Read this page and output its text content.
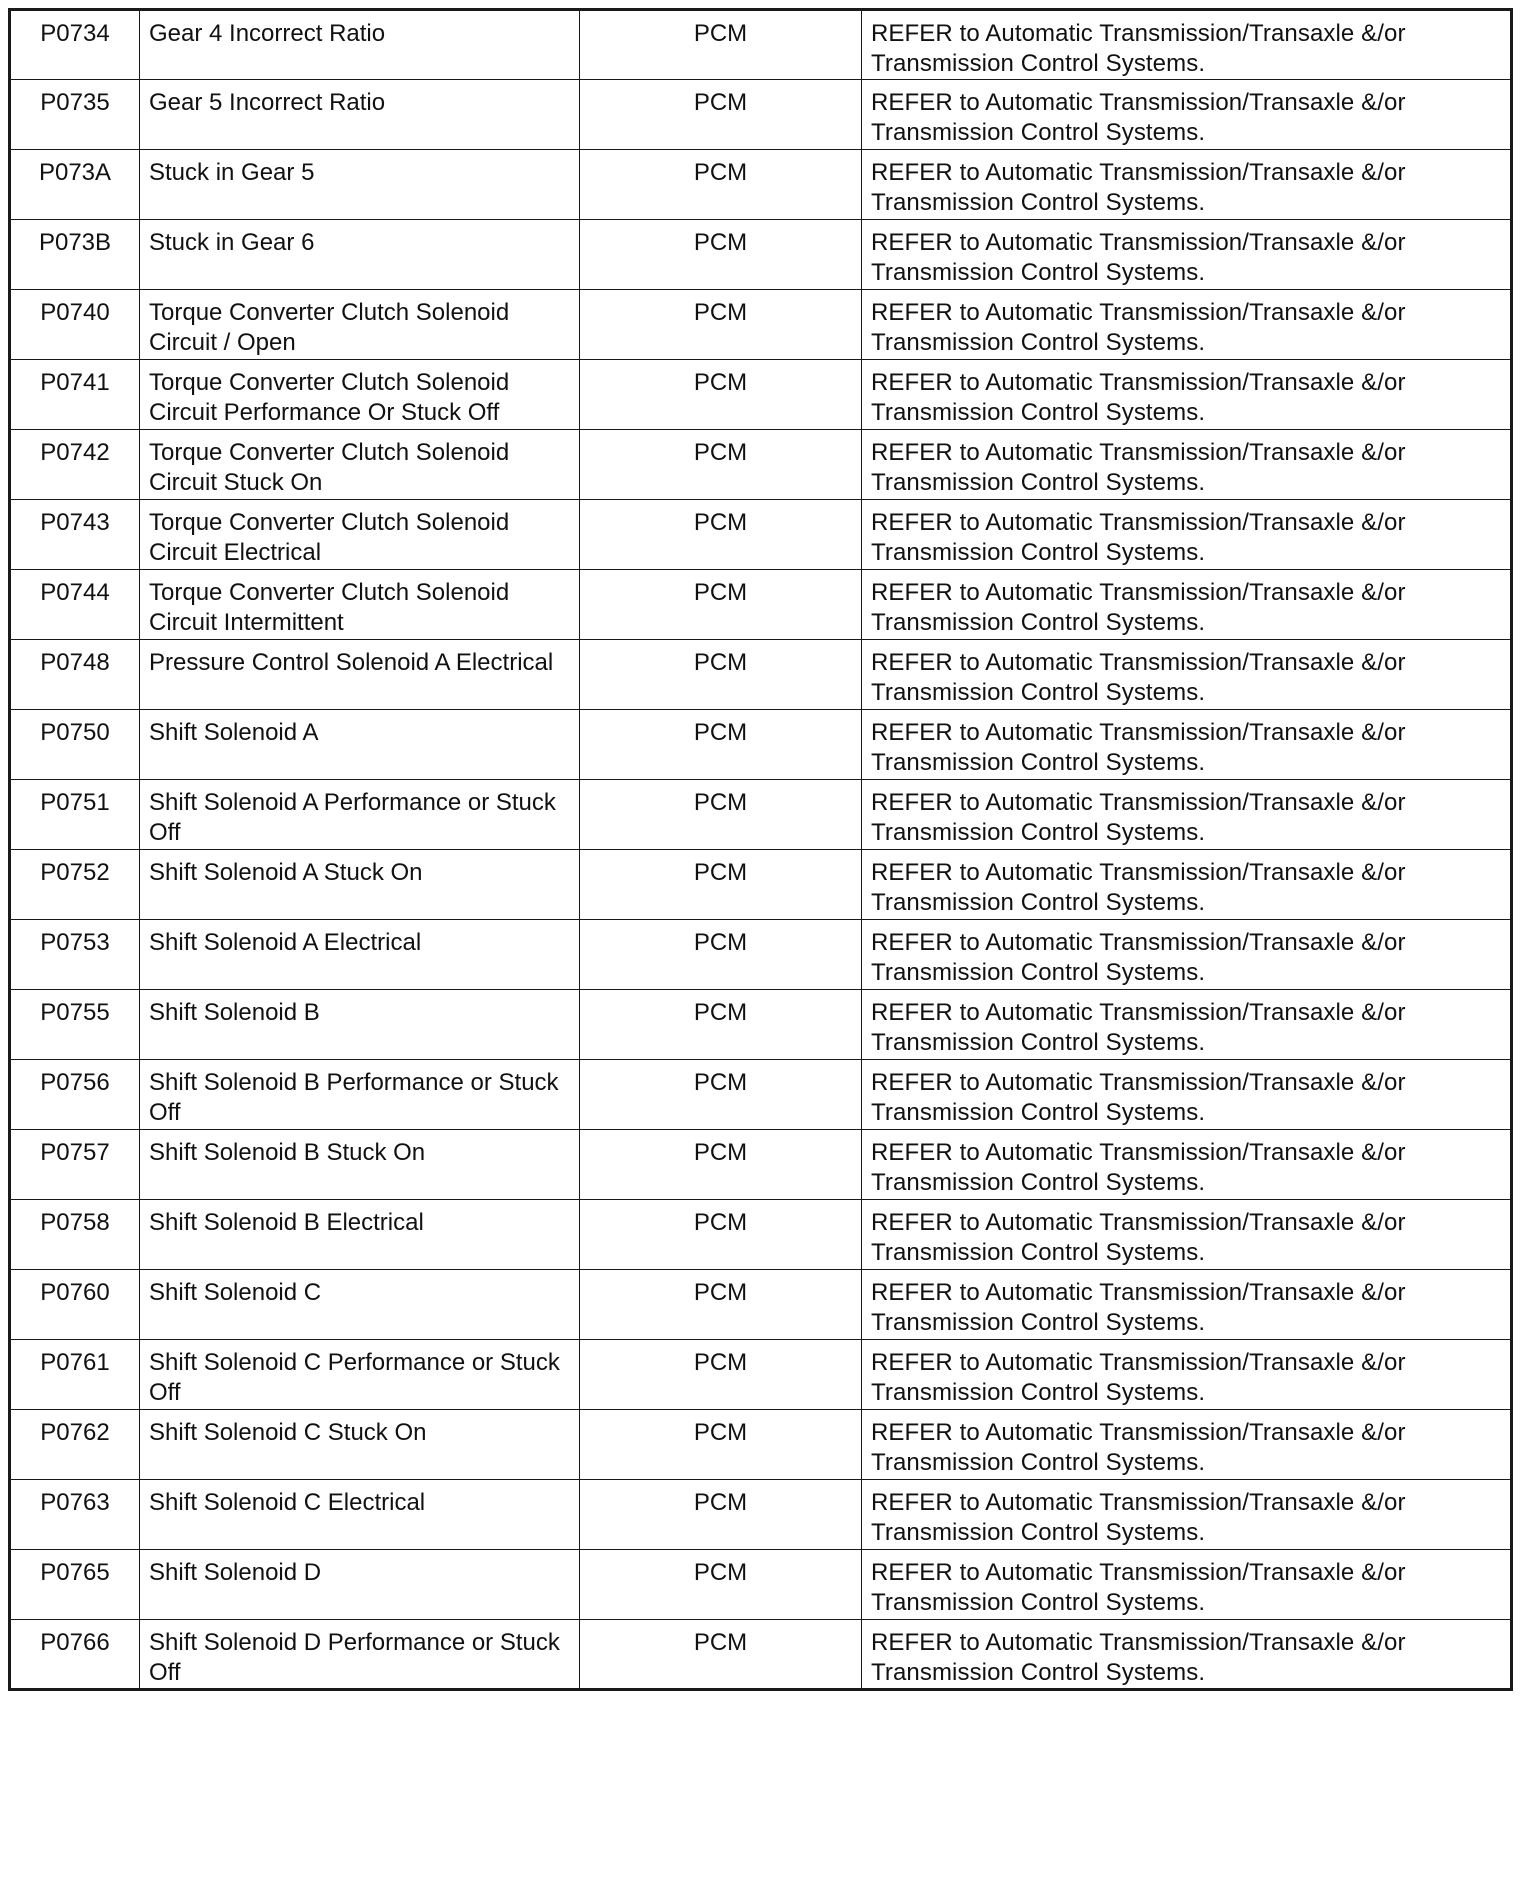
P0734	Gear 4 Incorrect Ratio	PCM	REFER to Automatic Transmission/Transaxle &/or Transmission Control Systems.
P0735	Gear 5 Incorrect Ratio	PCM	REFER to Automatic Transmission/Transaxle &/or Transmission Control Systems.
P073A	Stuck in Gear 5	PCM	REFER to Automatic Transmission/Transaxle &/or Transmission Control Systems.
P073B	Stuck in Gear 6	PCM	REFER to Automatic Transmission/Transaxle &/or Transmission Control Systems.
P0740	Torque Converter Clutch Solenoid Circuit / Open	PCM	REFER to Automatic Transmission/Transaxle &/or Transmission Control Systems.
P0741	Torque Converter Clutch Solenoid Circuit Performance Or Stuck Off	PCM	REFER to Automatic Transmission/Transaxle &/or Transmission Control Systems.
P0742	Torque Converter Clutch Solenoid Circuit Stuck On	PCM	REFER to Automatic Transmission/Transaxle &/or Transmission Control Systems.
P0743	Torque Converter Clutch Solenoid Circuit Electrical	PCM	REFER to Automatic Transmission/Transaxle &/or Transmission Control Systems.
P0744	Torque Converter Clutch Solenoid Circuit Intermittent	PCM	REFER to Automatic Transmission/Transaxle &/or Transmission Control Systems.
P0748	Pressure Control Solenoid A Electrical	PCM	REFER to Automatic Transmission/Transaxle &/or Transmission Control Systems.
P0750	Shift Solenoid A	PCM	REFER to Automatic Transmission/Transaxle &/or Transmission Control Systems.
P0751	Shift Solenoid A Performance or Stuck Off	PCM	REFER to Automatic Transmission/Transaxle &/or Transmission Control Systems.
P0752	Shift Solenoid A Stuck On	PCM	REFER to Automatic Transmission/Transaxle &/or Transmission Control Systems.
P0753	Shift Solenoid A Electrical	PCM	REFER to Automatic Transmission/Transaxle &/or Transmission Control Systems.
P0755	Shift Solenoid B	PCM	REFER to Automatic Transmission/Transaxle &/or Transmission Control Systems.
P0756	Shift Solenoid B Performance or Stuck Off	PCM	REFER to Automatic Transmission/Transaxle &/or Transmission Control Systems.
P0757	Shift Solenoid B Stuck On	PCM	REFER to Automatic Transmission/Transaxle &/or Transmission Control Systems.
P0758	Shift Solenoid B Electrical	PCM	REFER to Automatic Transmission/Transaxle &/or Transmission Control Systems.
P0760	Shift Solenoid C	PCM	REFER to Automatic Transmission/Transaxle &/or Transmission Control Systems.
P0761	Shift Solenoid C Performance or Stuck Off	PCM	REFER to Automatic Transmission/Transaxle &/or Transmission Control Systems.
P0762	Shift Solenoid C Stuck On	PCM	REFER to Automatic Transmission/Transaxle &/or Transmission Control Systems.
P0763	Shift Solenoid C Electrical	PCM	REFER to Automatic Transmission/Transaxle &/or Transmission Control Systems.
P0765	Shift Solenoid D	PCM	REFER to Automatic Transmission/Transaxle &/or Transmission Control Systems.
P0766	Shift Solenoid D Performance or Stuck Off	PCM	REFER to Automatic Transmission/Transaxle &/or Transmission Control Systems.
